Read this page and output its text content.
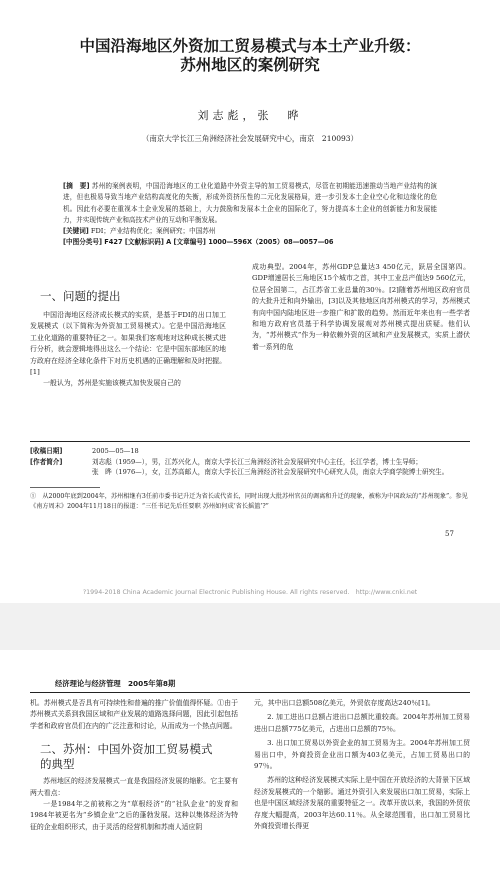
中国沿海地区外资加工贸易模式与本土产业升级：
苏州地区的案例研究
刘志彪，张　晔
（南京大学长江三角洲经济社会发展研究中心，南京　210093）

[摘　要] 苏州的案例表明，中国沿海地区的工业化道路中外资主导的加工贸易模式，尽管在初期能迅速推动当地产业结构的演进，但也极易导致当地产业结构高度化的失衡，形成外资挤压性的二元化发展格局，进一步引发本土企业空心化和边缘化的危机。因此有必要在重视本土企业发展的基础上，大力鼓励和发展本土企业的国际化了，努力提高本土企业的创新能力和发展能力，并实现传统产业和高技术产业的互动和平衡发展。

[关键词] FDI；产业结构优化；案例研究；中国苏州

[中图分类号] F427 [文献标识码] A [文章编号] 1000—596X（2005）08—0057—06

一、问题的提出

中国沿海地区经济成长模式的实质，是基于FDI的出口加工发展模式（以下简称为外资加工贸易模式）。它是中国沿海地区工业化道路的重要特征之一。如果我们客观地对这种成长模式进行分析，就会逻辑地得出这么一个结论：它是中国东部地区的地方政府在经济全球化条件下对历史机遇的正确理解和及时把握。[1]

一般认为，苏州是实施该模式加快发展自己的

成功典型。2004年，苏州GDP总量达3 450亿元，跃居全国第四。GDP增速居长三角地区15个城市之首，其中工业总产值达9 560亿元，位居全国第二，占江苏省工业总量的30％。[2]随着苏州地区政府官员的大批升迁和向外输出，[3]以及其他地区向苏州模式的学习，苏州模式有向中国内陆地区进一步推广和扩散的趋势。然而近年来也有一些学者和地方政府官员基于科学协调发展观对苏州模式提出质疑。他们认为，“苏州模式”作为一种依赖外资的区域和产业发展模式，实质上潜伏着一系列的危

[收稿日期]	2005—05—18
[作者简介]	刘志彪（1959—），男，江苏兴化人，南京大学长江三角洲经济社会发展研究中心主任，长江学者，博士生导师；

张　晔（1976—），女，江苏高邮人，南京大学长江三角洲经济社会发展研究中心研究人员，南京大学商学院博士研究生。

①　从2000年底到2004年，苏州相继有3任前市委书记升迁为省长或代省长，同时出现大批苏州官员的调离和升迁的现象，被称为中国政坛的“苏州现象”。参见《南方周末》2004年11月18日的报道：“三任书记先后任要职 苏州如何成‘省长摇篮’?”

57
?1994-2018 China Academic Journal Electronic Publishing House. All rights reserved.　http://www.cnki.net
经济理论与经济管理　2005年第8期

机。苏州模式是否具有可持续性和普遍的推广价值值得怀疑。①由于苏州模式关系到我国区域和产业发展的道路选择问题，因此引起包括学者和政府官员们在内的广泛注意和讨论，从而成为一个热点问题。

二、苏州：中国外资加工贸易模式
的典型

苏州地区的经济发展模式一直是我国经济发展的缩影。它主要有两大看点：

一是1984年之前被称之为“草根经济”的“社队企业”的发育和1984年被更名为“乡镇企业”之后的蓬勃发展。这种以集体经济为特征的企业组织形式，由于灵活的经营机制和苏南人适应阴

元，其中出口总额508亿美元，外贸依存度高达240％[1]。

2. 加工进出口总额占进出口总额比重较高。2004年苏州加工贸易进出口总额775亿美元，占进出口总额的75％。

3. 出口加工贸易以外资企业的加工贸易为主。2004年苏州加工贸易出口中，外商投资企业出口额为403亿美元，占加工贸易出口的97％。

苏州的这种经济发展模式实际上是中国在开放经济的大背景下区域经济发展模式的一个缩影。通过外资引入来发展出口加工贸易，实际上也是中国区域经济发展的重要特征之一。改革开放以来，我国的外贸依存度大幅提高，2003年达60.11％。从全球范围看，出口加工贸易比外商投资增长得更
